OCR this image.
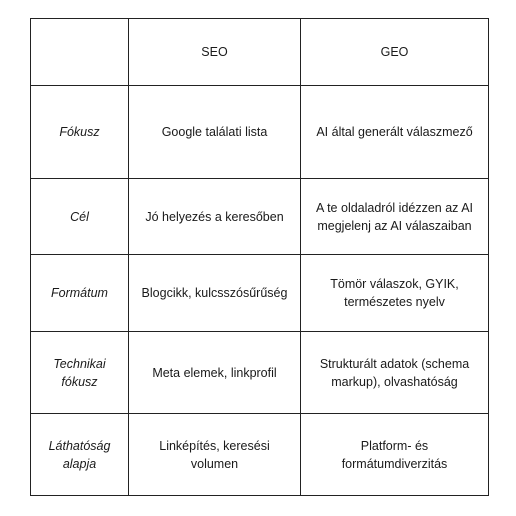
	SEO	GEO
Fókusz	Google találati lista	AI által generált válaszmező
Cél	Jó helyezés a keresőben	A te oldaladról idézzen az AI megjelenj az AI válaszaiban
Formátum	Blogcikk, kulcsszósűrűség	Tömör válaszok, GYIK, természetes nyelv
Technikai fókusz	Meta elemek, linkprofil	Strukturált adatok (schema markup), olvashatóság
Láthatóság alapja	Linképítés, keresési volumen	Platform- és formátumdiverzitás
